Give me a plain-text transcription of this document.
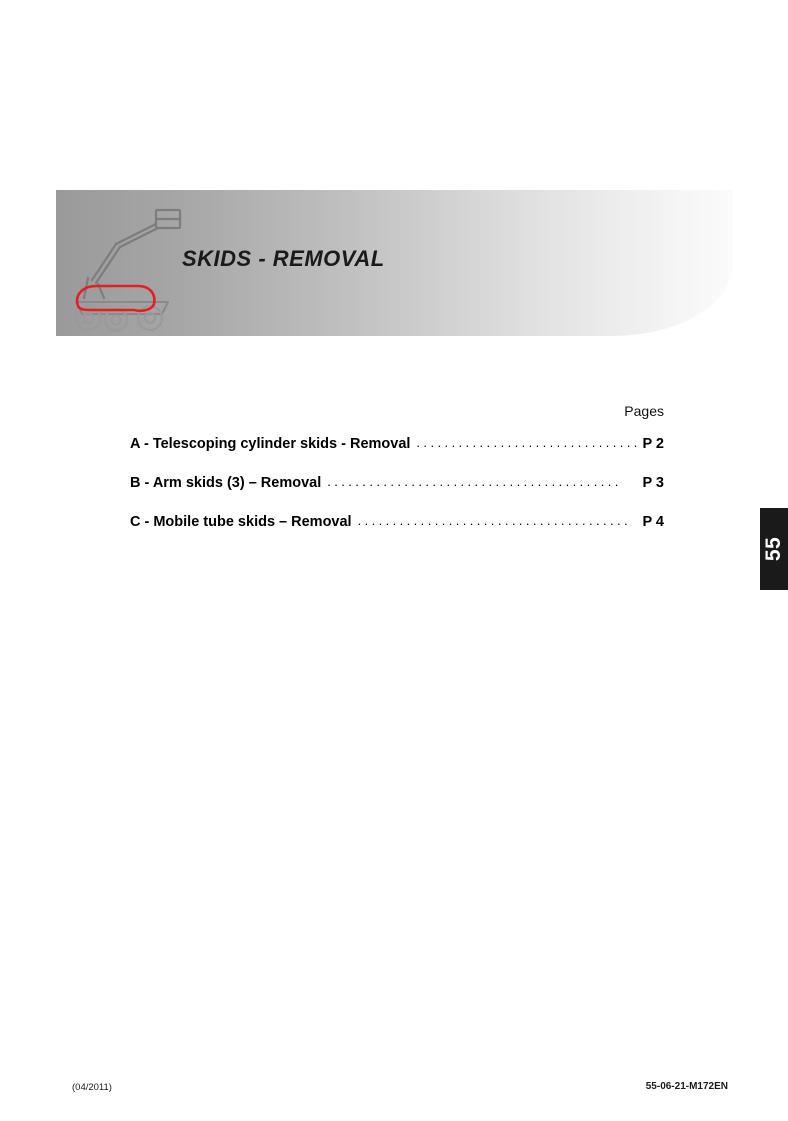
SKIDS - REMOVAL
Pages
A - Telescoping cylinder skids - Removal ................................ P 2
B - Arm skids (3) – Removal ..........................................	P 3
C - Mobile tube skids – Removal ....................................... P 4
55
(04/2011)	55-06-21-M172EN
